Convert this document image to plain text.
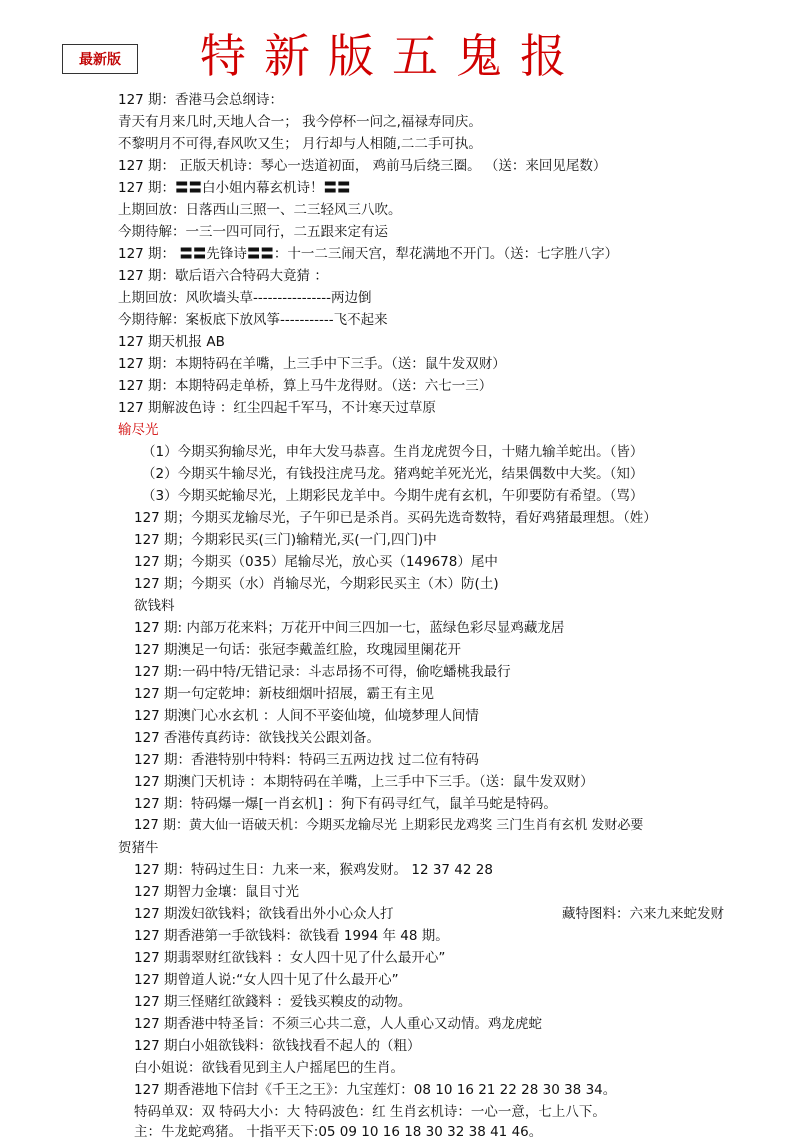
最新版	特新版五鬼报
127 期：香港马会总纲诗：
青天有月来几时,天地人合一； 我今停杯一问之,福禄寿同庆。
不黎明月不可得,春风吹又生； 月行却与人相随,二二手可执。
127 期： 正版天机诗：琴心一迭道初面， 鸡前马后绕三圈。 （送：来回见尾数）
127 期：〓〓白小姐内幕玄机诗！〓〓
上期回放：日落西山三照一、二三轻风三八吹。
今期待解：一三一四可同行，二五跟来定有运
127 期： 〓〓先锋诗〓〓：十一二三闹天宫，犁花满地不开门。（送：七字胜八字）
127 期：歇后语六合特码大竟猜 ：
上期回放：风吹墙头草----------------两边倒
今期待解：案板底下放风筝-----------飞不起来
127 期天机报 AB
127 期：本期特码在羊嘴，上三手中下三手。（送：鼠牛发双财）
127 期：本期特码走单桥，算上马牛龙得财。（送：六七一三）
127 期解波色诗 ：红尘四起千军马，不计寒天过草原
输尽光
（1）今期买狗输尽光，申年大发马恭喜。生肖龙虎贺今日，十赌九输羊蛇出。（皆）
（2）今期买牛输尽光，有钱投注虎马龙。猪鸡蛇羊死光光，结果偶数中大奖。（知）
（3）今期买蛇输尽光，上期彩民龙羊中。今期牛虎有玄机，午卯要防有希望。（骂）
127 期；今期买龙输尽光，子午卯已是杀肖。买码先选奇数特，看好鸡猪最理想。（姓）
127 期；今期彩民买(三门)输精光,买(一门,四门)中
127 期；今期买（035）尾输尽光，放心买（149678）尾中
127 期；今期买（水）肖输尽光，今期彩民买主（木）防(土)
欲钱料
127 期: 内部万花来料；万花开中间三四加一七，蓝绿色彩尽显鸡藏龙居
127 期澳足一句话：张冠李戴盖红脸，玫瑰园里阑花开
127 期:一码中特/无错记录：斗志昂扬不可得，偷吃蟠桃我最行
127 期一句定乾坤：新枝细烟叶招展，霸王有主见
127 期澳门心水玄机 ：人间不平姿仙境，仙境梦理人间情
127 香港传真药诗：欲钱找关公跟刘备。
127 期：香港特别中特料：特码三五两边找 过二位有特码
127 期澳门天机诗 ：本期特码在羊嘴，上三手中下三手。（送：鼠牛发双财）
127 期：特码爆一爆[一肖玄机] ：狗下有码寻红气，鼠羊马蛇是特码。
127 期：黄大仙一语破天机：今期买龙输尽光 上期彩民龙鸡奖 三门生肖有玄机 发财必要
贺猪牛
127 期：特码过生日：九来一来，猴鸡发财。 12 37 42 28
127 期智力金壤：鼠目寸光
127 期泼妇欲钱料；欲钱看出外小心众人打	藏特图料：六来九来蛇发财
127 期香港第一手欲钱料：欲钱看 1994 年 48 期。
127 期翡翠财红欲钱料 ：女人四十见了什么最开心”
127 期曾道人说:“女人四十见了什么最开心”
127 期三怪赌红欲錢料 ：爱钱买糗皮的动物。
127 期香港中特圣旨：不须三心共二意，人人重心又动情。鸡龙虎蛇
127 期白小姐欲钱料：欲钱找看不起人的（粗）
白小姐说：欲钱看见到主人户摇尾巴的生肖。
127 期香港地下信封《千王之王》：九宝莲灯：08 10 16 21 22 28 30 38 34。
特码单双：双 特码大小：大 特码波色：红 生肖玄机诗：一心一意，七上八下。
主：牛龙蛇鸡猪。 十指平天下:05 09 10 16 18 30 32 38 41 46。
